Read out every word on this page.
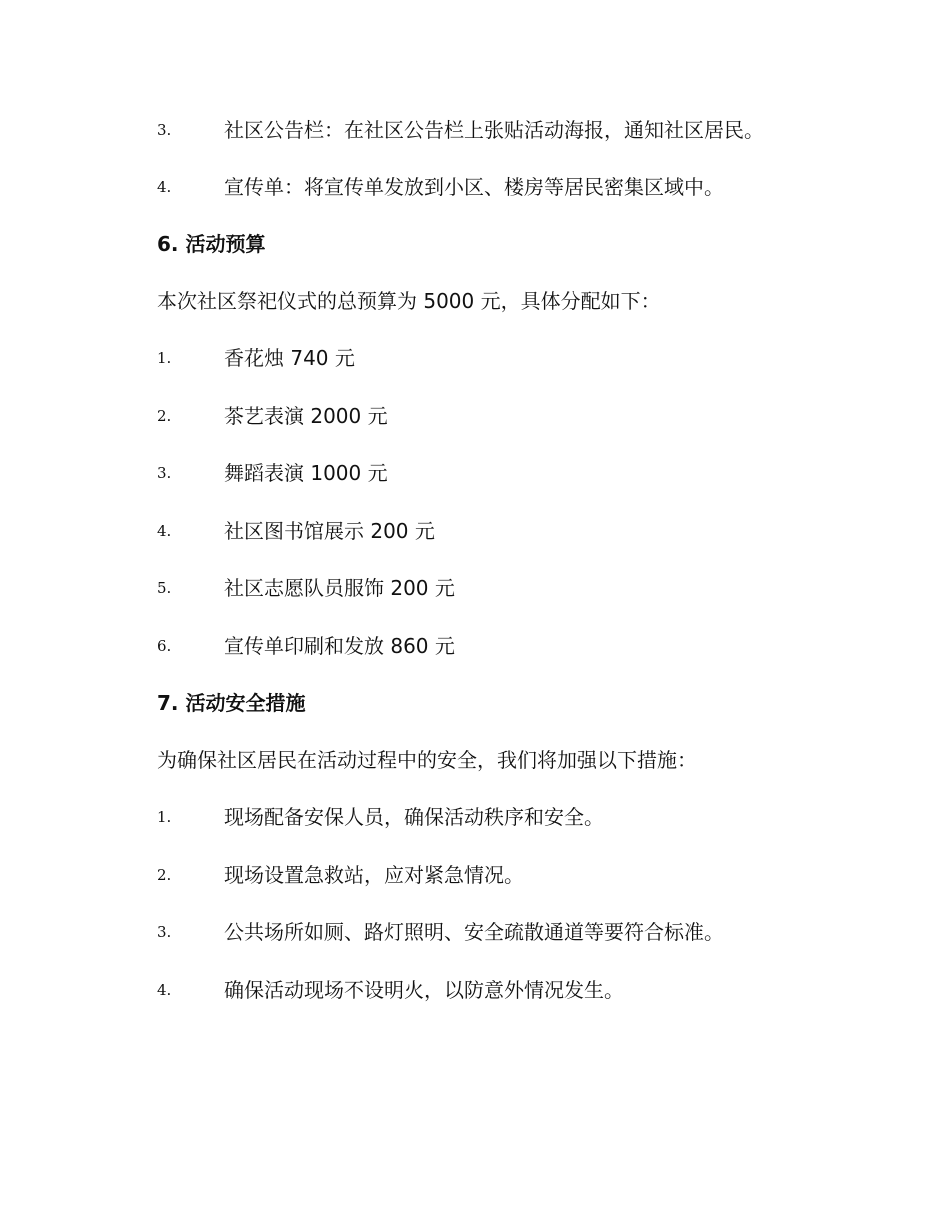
3.	社区公告栏：在社区公告栏上张贴活动海报，通知社区居民。
4.	宣传单：将宣传单发放到小区、楼房等居民密集区域中。
6. 活动预算
本次社区祭祀仪式的总预算为 5000 元，具体分配如下：
1.	香花烛 740 元
2.	茶艺表演 2000 元
3.	舞蹈表演 1000 元
4.	社区图书馆展示 200 元
5.	社区志愿队员服饰 200 元
6.	宣传单印刷和发放 860 元
7. 活动安全措施
为确保社区居民在活动过程中的安全，我们将加强以下措施：
1.	现场配备安保人员，确保活动秩序和安全。
2.	现场设置急救站，应对紧急情况。
3.	公共场所如厕、路灯照明、安全疏散通道等要符合标准。
4.	确保活动现场不设明火，以防意外情况发生。
